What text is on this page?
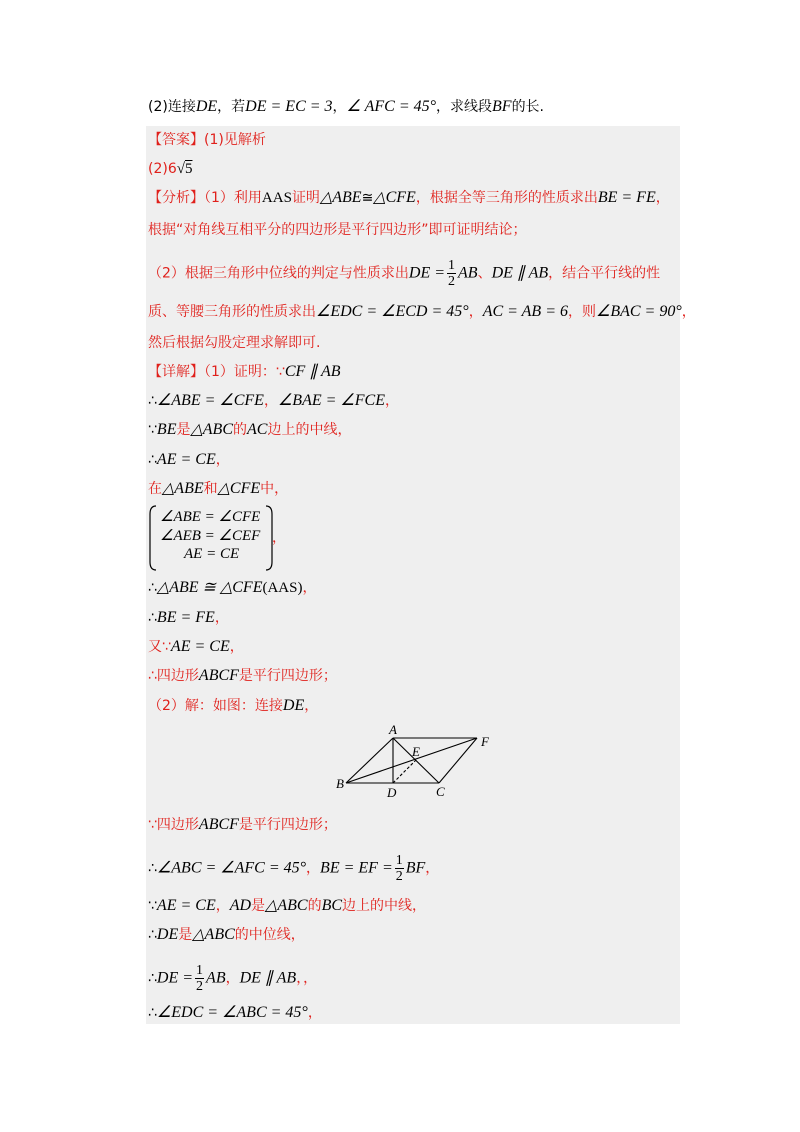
(2)连接DE，若DE = EC = 3，∠ AFC = 45°，求线段BF的长.
【答案】(1)见解析
(2)6√5
【分析】（1）利用AAS证明△ABE≅△CFE，根据全等三角形的性质求出BE = FE，
根据“对角线互相平分的四边形是平行四边形”即可证明结论；
（2）根据三角形中位线的判定与性质求出DE = $\frac{1}{2}$ AB、DE ∥ AB，结合平行线的性
质、等腰三角形的性质求出∠EDC = ∠ECD = 45°，AC = AB = 6，则∠BAC = 90°，
然后根据勾股定理求解即可.
【详解】（1）证明：∵CF ∥ AB
∴∠ABE = ∠CFE，∠BAE = ∠FCE，
∵BE是△ABC的AC边上的中线，
∴AE = CE，
在△ABE和△CFE中，
∠ABE = ∠CFE
∠AEB = ∠CEF
AE = CE
，
∴△ABE ≅ △CFE(AAS)，
∴BE = FE，
又∵AE = CE，
∴四边形ABCF是平行四边形；
（2）解：如图：连接DE，
A
B
C
D
E
F
∵四边形ABCF是平行四边形；
∴∠ABC = ∠AFC = 45°，BE = EF = $\frac{1}{2}$ BF，
∵AE = CE，AD是△ABC的BC边上的中线，
∴DE是△ABC的中位线，
∴DE = $\frac{1}{2}$ AB，DE ∥ AB，，
∴∠EDC = ∠ABC = 45°，
